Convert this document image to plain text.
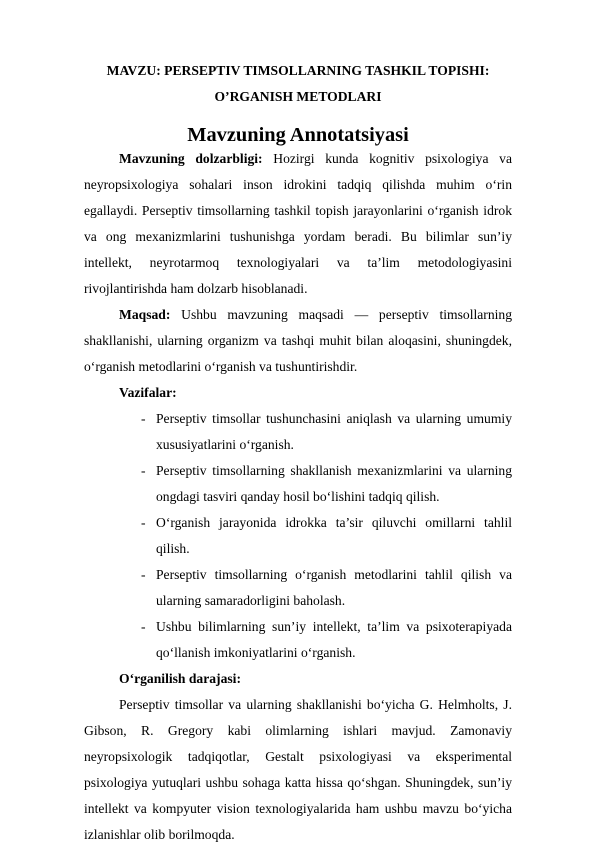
MAVZU: PERSEPTIV TIMSOLLARNING TASHKIL TOPISHI:
O’RGANISH METODLARI
Mavzuning Annotatsiyasi

Mavzuning dolzarbligi: Hozirgi kunda kognitiv psixologiya va neyropsixologiya sohalari inson idrokini tadqiq qilishda muhim o‘rin egallaydi. Perseptiv timsollarning tashkil topish jarayonlarini o‘rganish idrok va ong mexanizmlarini tushunishga yordam beradi. Bu bilimlar sun’iy intellekt, neyrotarmoq texnologiyalari va ta’lim metodologiyasini rivojlantirishda ham dolzarb hisoblanadi.

Maqsad: Ushbu mavzuning maqsadi — perseptiv timsollarning shakllanishi, ularning organizm va tashqi muhit bilan aloqasini, shuningdek, o‘rganish metodlarini o‘rganish va tushuntirishdir.

Vazifalar:

- Perseptiv timsollar tushunchasini aniqlash va ularning umumiy xususiyatlarini o‘rganish.
- Perseptiv timsollarning shakllanish mexanizmlarini va ularning ongdagi tasviri qanday hosil bo‘lishini tadqiq qilish.
- O‘rganish jarayonida idrokka ta’sir qiluvchi omillarni tahlil qilish.
- Perseptiv timsollarning o‘rganish metodlarini tahlil qilish va ularning samaradorligini baholash.
- Ushbu bilimlarning sun’iy intellekt, ta’lim va psixoterapiyada qo‘llanish imkoniyatlarini o‘rganish.

O‘rganilish darajasi:

Perseptiv timsollar va ularning shakllanishi bo‘yicha G. Helmholts, J. Gibson, R. Gregory kabi olimlarning ishlari mavjud. Zamonaviy neyropsixologik tadqiqotlar, Gestalt psixologiyasi va eksperimental psixologiya yutuqlari ushbu sohaga katta hissa qo‘shgan. Shuningdek, sun’iy intellekt va kompyuter vision texnologiyalarida ham ushbu mavzu bo‘yicha izlanishlar olib borilmoqda.
